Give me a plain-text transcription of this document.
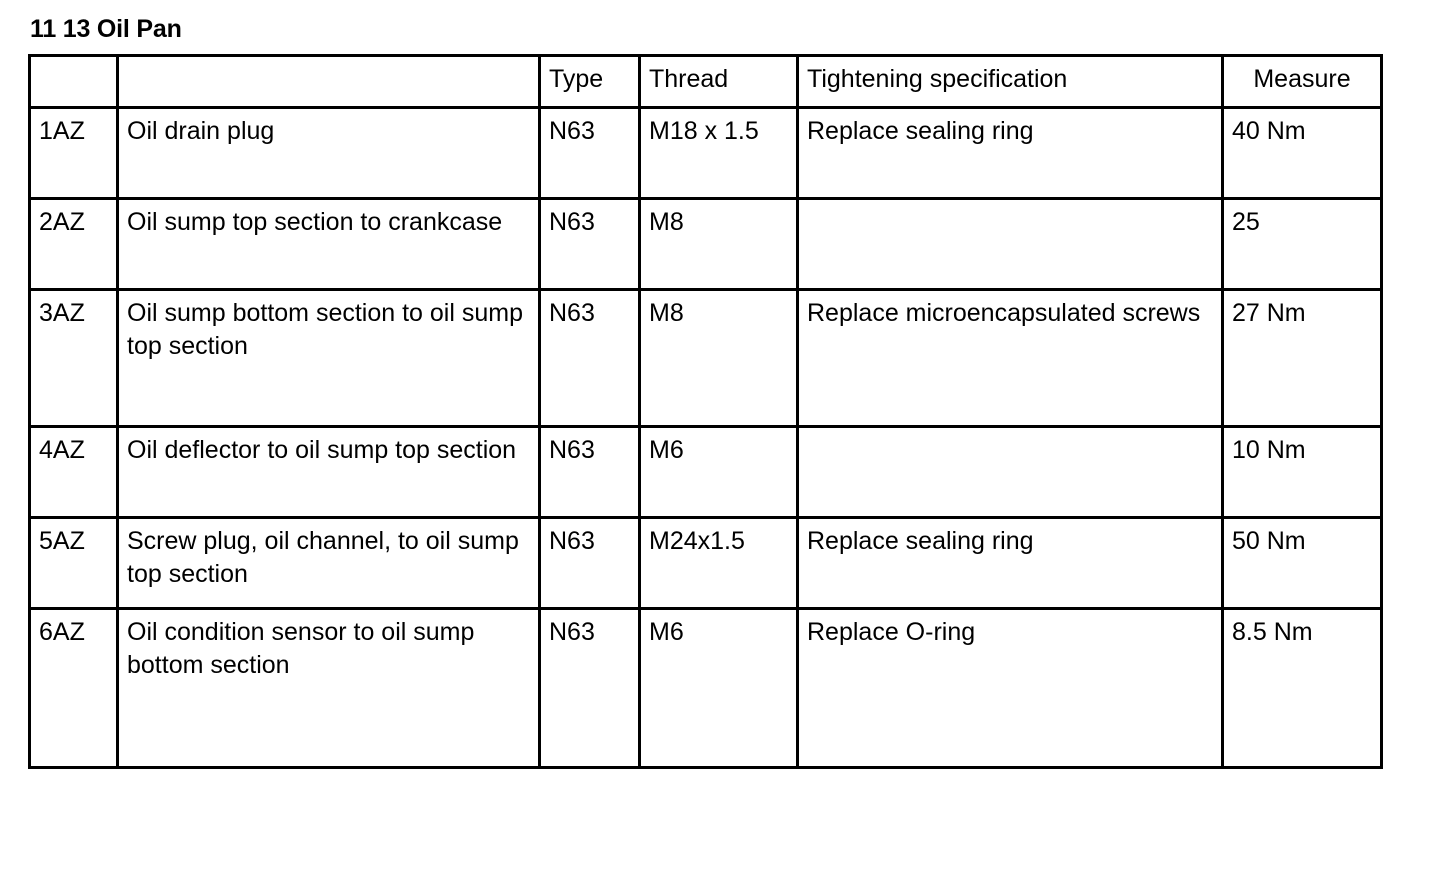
11 13 Oil Pan
		Type	Thread	Tightening specification	Measure
1AZ	Oil drain plug	N63	M18 x 1.5	Replace sealing ring	40 Nm
2AZ	Oil sump top section to crankcase	N63	M8		25
3AZ	Oil sump bottom section to oil sump top section	N63	M8	Replace microencapsulated screws	27 Nm
4AZ	Oil deflector to oil sump top section	N63	M6		10 Nm
5AZ	Screw plug, oil channel, to oil sump top section	N63	M24x1.5	Replace sealing ring	50 Nm
6AZ	Oil condition sensor to oil sump bottom section	N63	M6	Replace O-ring	8.5 Nm
